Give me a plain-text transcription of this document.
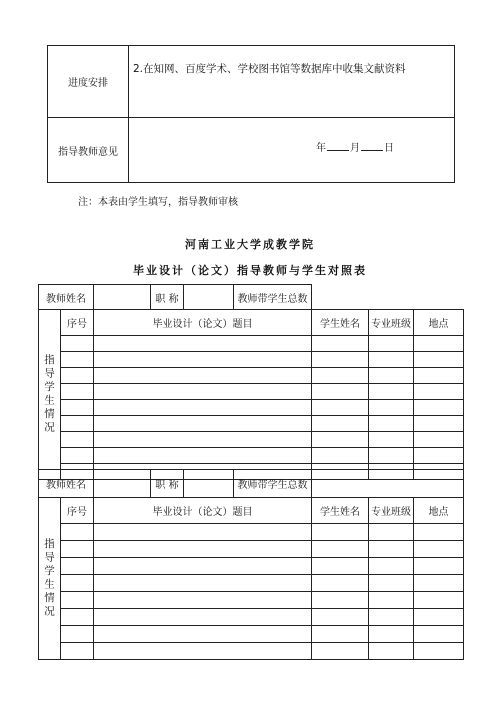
进度安排	2.在知网、百度学术、学校图书馆等数据库中收集文献资料

指导教师意见	年 月 日
注：本表由学生填写，指导教师审核
河南工业大学成教学院
毕业设计（论文）指导教师与学生对照表
教师姓名			职 称		教师带学生总数			

指导学生情况	序号	毕业设计（论文）题目				学生姓名	专业班级	地点

教师姓名			职 称		教师带学生总数			

指导学生情况	序号	毕业设计（论文）题目				学生姓名	专业班级	地点
